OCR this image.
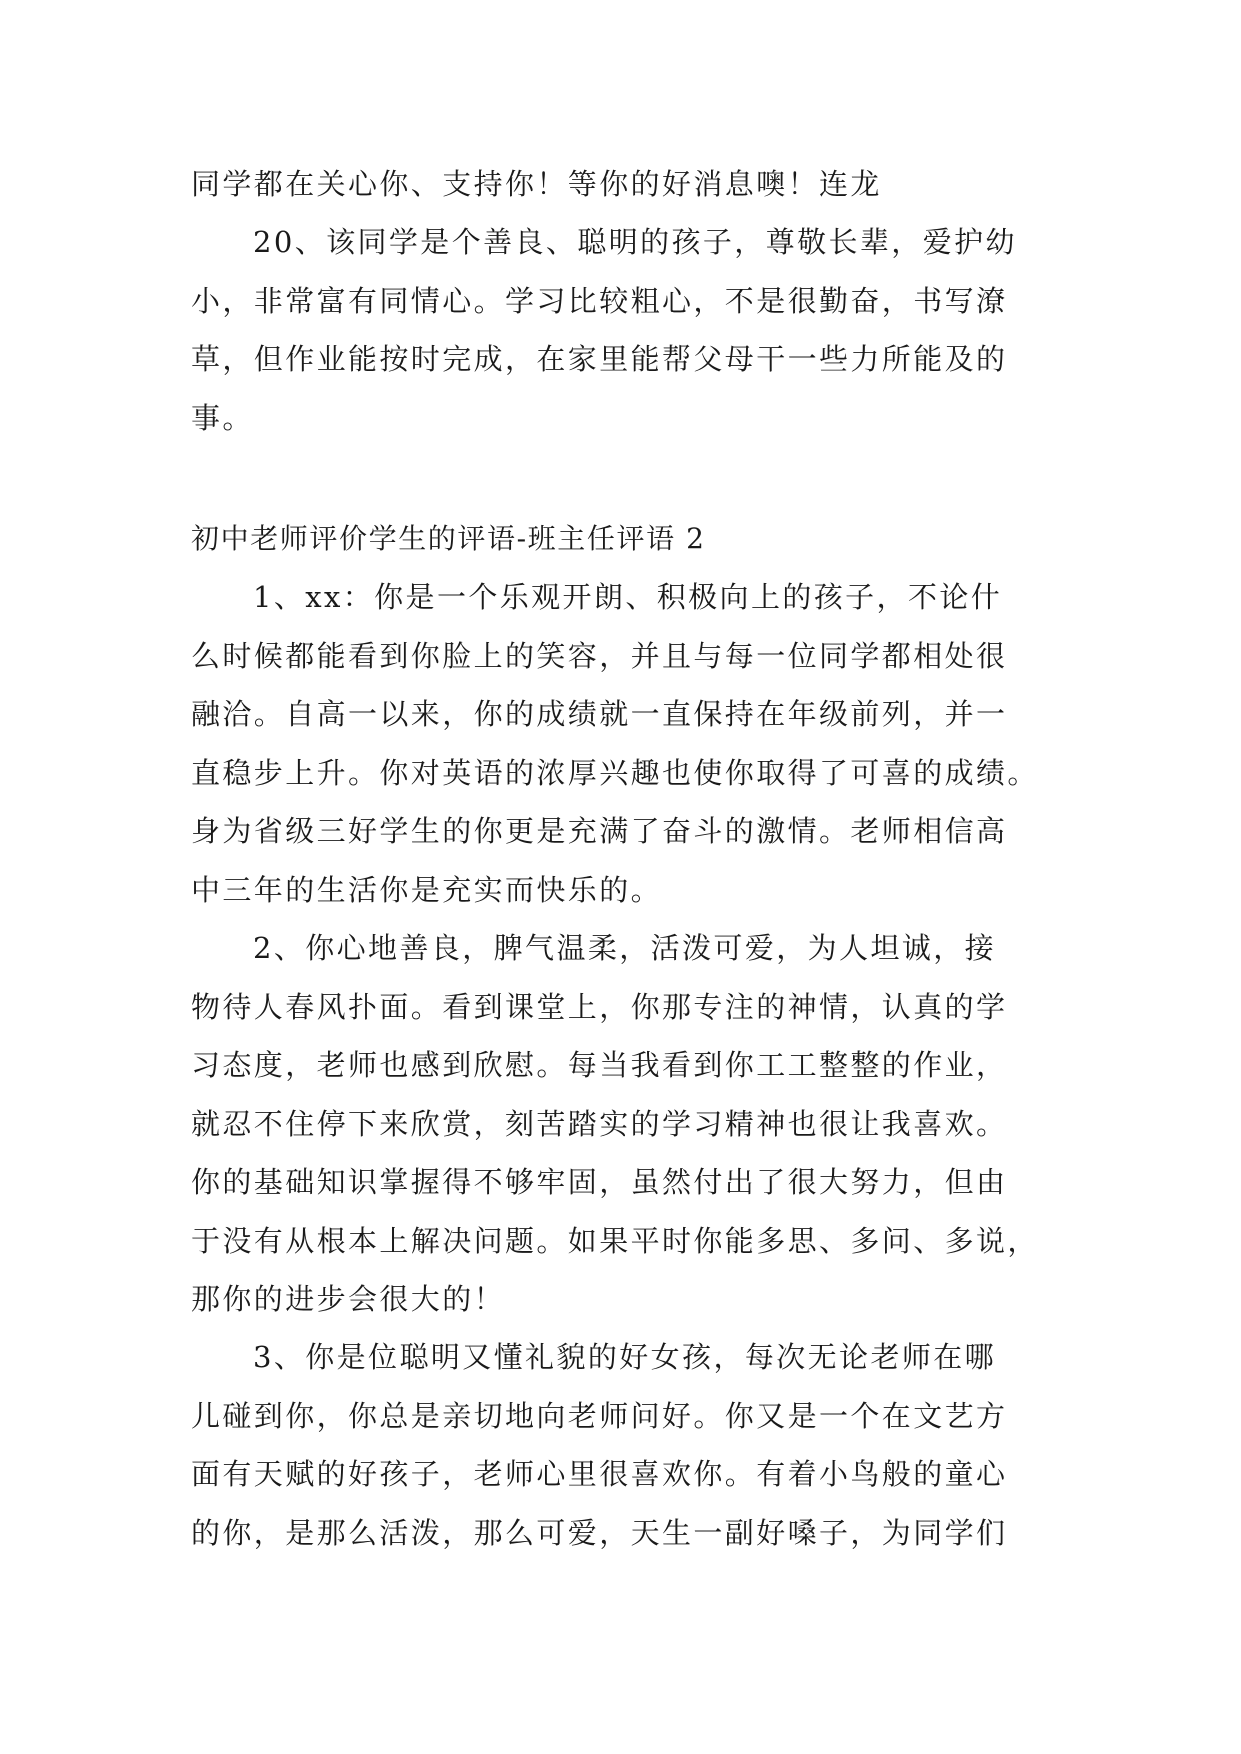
同学都在关心你、支持你！等你的好消息噢！连龙
20、该同学是个善良、聪明的孩子，尊敬长辈，爱护幼
小，非常富有同情心。学习比较粗心，不是很勤奋，书写潦
草，但作业能按时完成，在家里能帮父母干一些力所能及的
事。
初中老师评价学生的评语-班主任评语 2
1、xx：你是一个乐观开朗、积极向上的孩子，不论什
么时候都能看到你脸上的笑容，并且与每一位同学都相处很
融洽。自高一以来，你的成绩就一直保持在年级前列，并一
直稳步上升。你对英语的浓厚兴趣也使你取得了可喜的成绩。
身为省级三好学生的你更是充满了奋斗的激情。老师相信高
中三年的生活你是充实而快乐的。
2、你心地善良，脾气温柔，活泼可爱，为人坦诚，接
物待人春风扑面。看到课堂上，你那专注的神情，认真的学
习态度，老师也感到欣慰。每当我看到你工工整整的作业，
就忍不住停下来欣赏，刻苦踏实的学习精神也很让我喜欢。
你的基础知识掌握得不够牢固，虽然付出了很大努力，但由
于没有从根本上解决问题。如果平时你能多思、多问、多说，
那你的进步会很大的！
3、你是位聪明又懂礼貌的好女孩，每次无论老师在哪
儿碰到你，你总是亲切地向老师问好。你又是一个在文艺方
面有天赋的好孩子，老师心里很喜欢你。有着小鸟般的童心
的你，是那么活泼，那么可爱，天生一副好嗓子，为同学们
